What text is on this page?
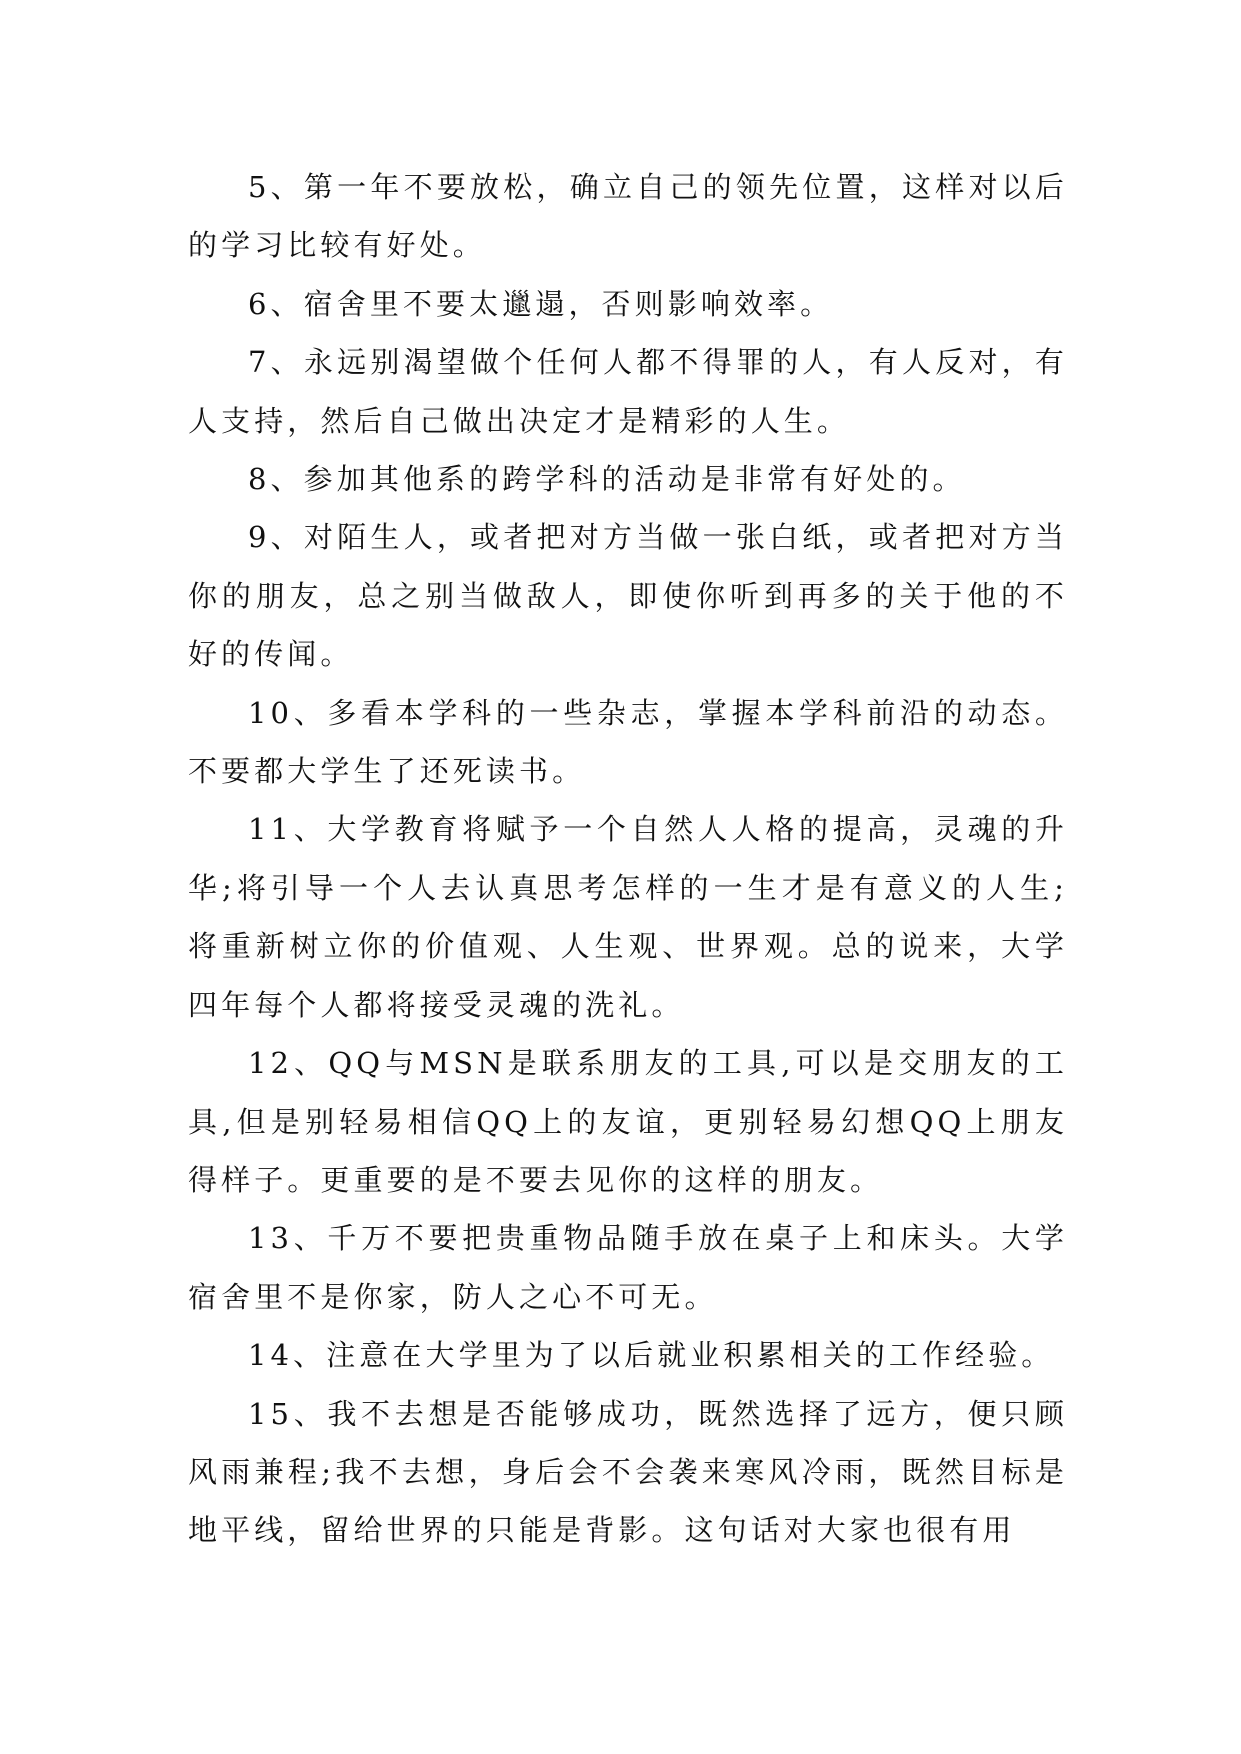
5、第一年不要放松，确立自己的领先位置，这样对以后的学习比较有好处。

6、宿舍里不要太邋遢，否则影响效率。

7、永远别渴望做个任何人都不得罪的人，有人反对，有人支持，然后自己做出决定才是精彩的人生。

8、参加其他系的跨学科的活动是非常有好处的。

9、对陌生人，或者把对方当做一张白纸，或者把对方当你的朋友，总之别当做敌人，即使你听到再多的关于他的不好的传闻。

10、多看本学科的一些杂志，掌握本学科前沿的动态。不要都大学生了还死读书。

11、大学教育将赋予一个自然人人格的提高，灵魂的升华;将引导一个人去认真思考怎样的一生才是有意义的人生;将重新树立你的价值观、人生观、世界观。总的说来，大学四年每个人都将接受灵魂的洗礼。

12、QQ与MSN是联系朋友的工具,可以是交朋友的工具,但是别轻易相信QQ上的友谊，更别轻易幻想QQ上朋友得样子。更重要的是不要去见你的这样的朋友。

13、千万不要把贵重物品随手放在桌子上和床头。大学宿舍里不是你家，防人之心不可无。

14、注意在大学里为了以后就业积累相关的工作经验。

15、我不去想是否能够成功，既然选择了远方，便只顾风雨兼程;我不去想，身后会不会袭来寒风冷雨，既然目标是地平线，留给世界的只能是背影。这句话对大家也很有用
